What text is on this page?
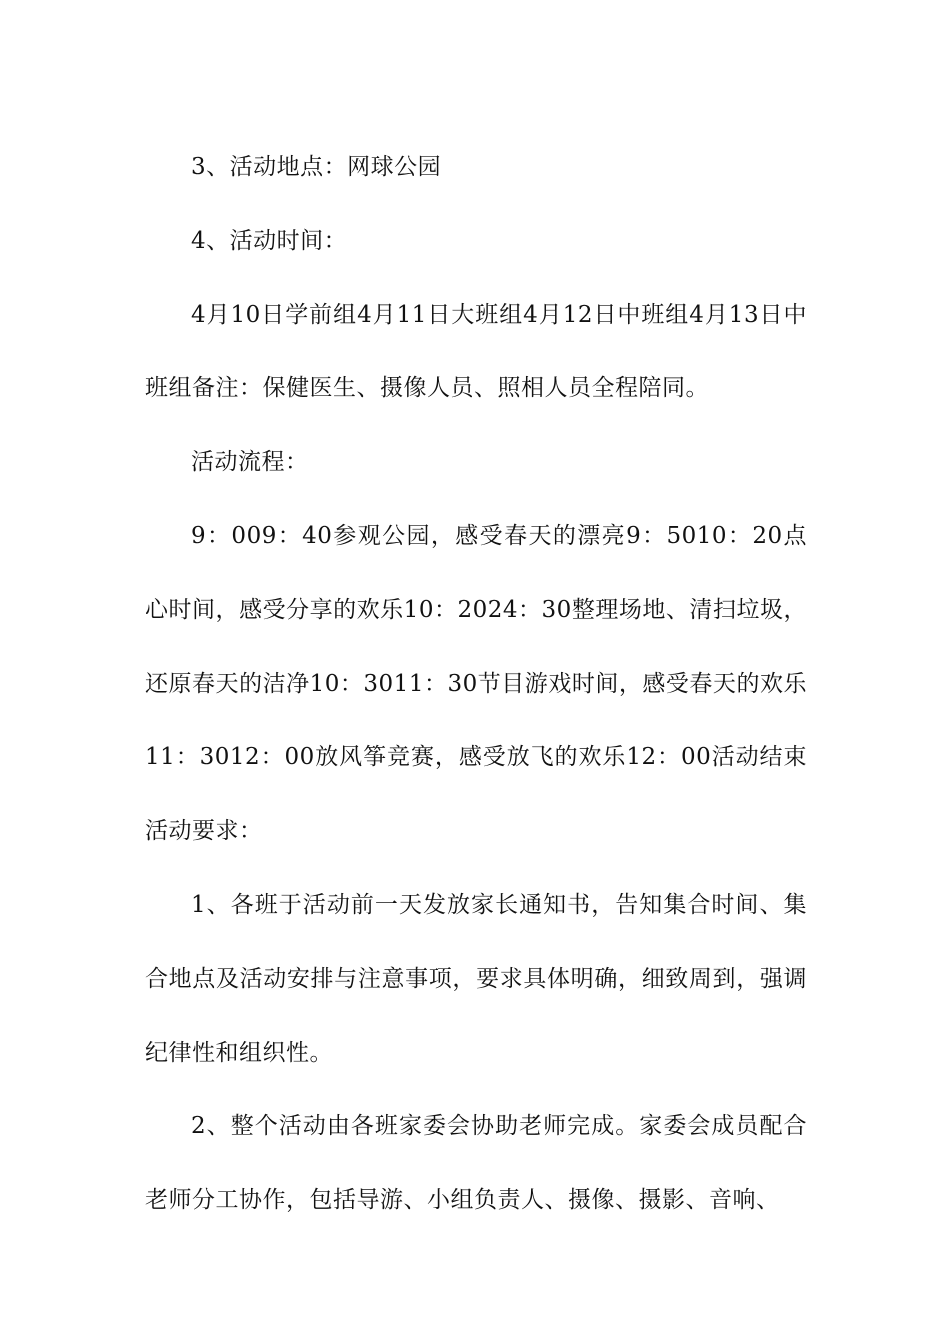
3、活动地点：网球公园

4、活动时间：

4月10日学前组4月11日大班组4月12日中班组4月13日中班组备注：保健医生、摄像人员、照相人员全程陪同。

活动流程：

9：009：40参观公园，感受春天的漂亮9：5010：20点心时间，感受分享的欢乐10：2024：30整理场地、清扫垃圾，还原春天的洁净10：3011：30节目游戏时间，感受春天的欢乐11：3012：00放风筝竞赛，感受放飞的欢乐12：00活动结束活动要求：

1、各班于活动前一天发放家长通知书，告知集合时间、集合地点及活动安排与注意事项，要求具体明确，细致周到，强调纪律性和组织性。

2、整个活动由各班家委会协助老师完成。家委会成员配合老师分工协作，包括导游、小组负责人、摄像、摄影、音响、
